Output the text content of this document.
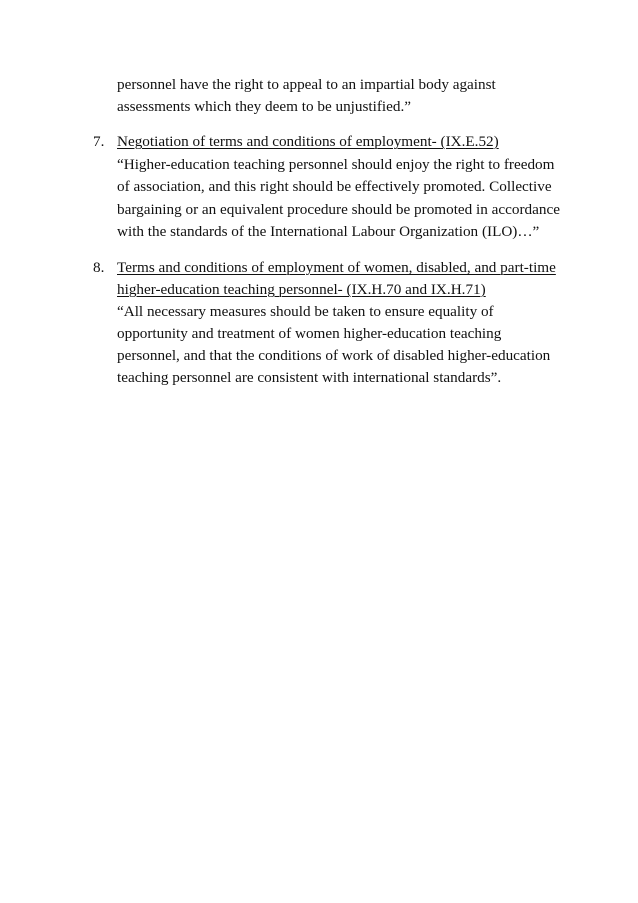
personnel have the right to appeal to an impartial body against
assessments which they deem to be unjustified.”
7. Negotiation of terms and conditions of employment- (IX.E.52)
“Higher-education teaching personnel should enjoy the right to freedom
of association, and this right should be effectively promoted. Collective
bargaining or an equivalent procedure should be promoted in accordance
with the standards of the International Labour Organization (ILO)…”
8. Terms and conditions of employment of women, disabled, and part-time
higher-education teaching personnel- (IX.H.70 and IX.H.71)
“All necessary measures should be taken to ensure equality of
opportunity and treatment of women higher-education teaching
personnel, and that the conditions of work of disabled higher-education
teaching personnel are consistent with international standards”.
